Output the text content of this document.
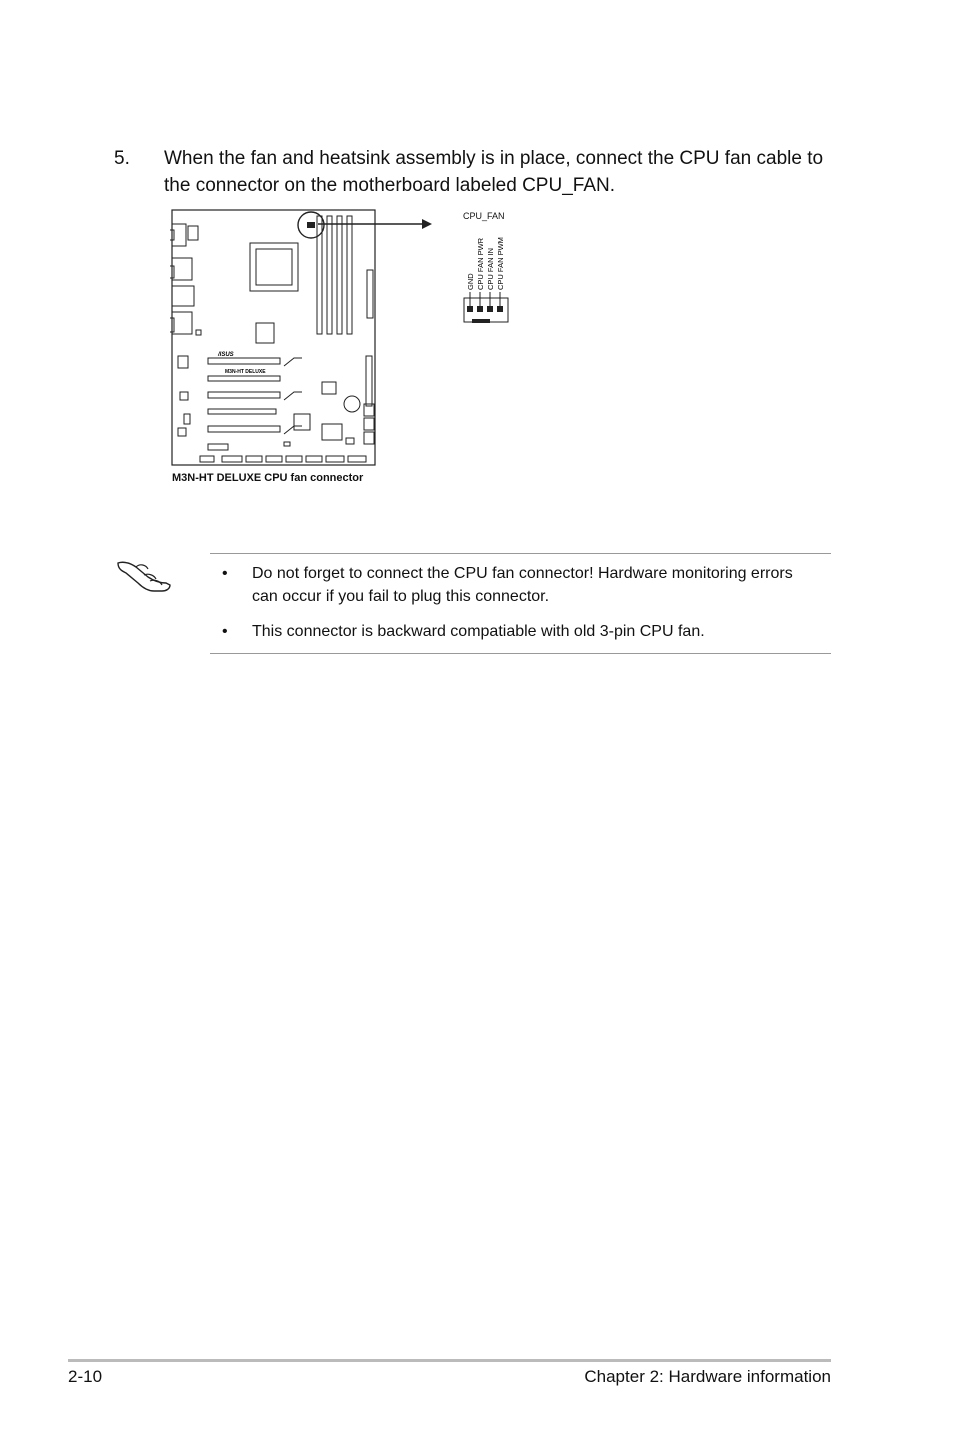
5. When the fan and heatsink assembly is in place, connect the CPU fan cable to the connector on the motherboard labeled CPU_FAN.
/ISUS
M3N-HT DELUXE
M3N-HT DELUXE CPU fan connector
CPU_FAN
GND CPU FAN PWR CPU FAN IN CPU FAN PWM
• Do not forget to connect the CPU fan connector! Hardware monitoring errors can occur if you fail to plug this connector.
• This connector is backward compatiable with old 3-pin CPU fan.
2-10	Chapter 2: Hardware information
